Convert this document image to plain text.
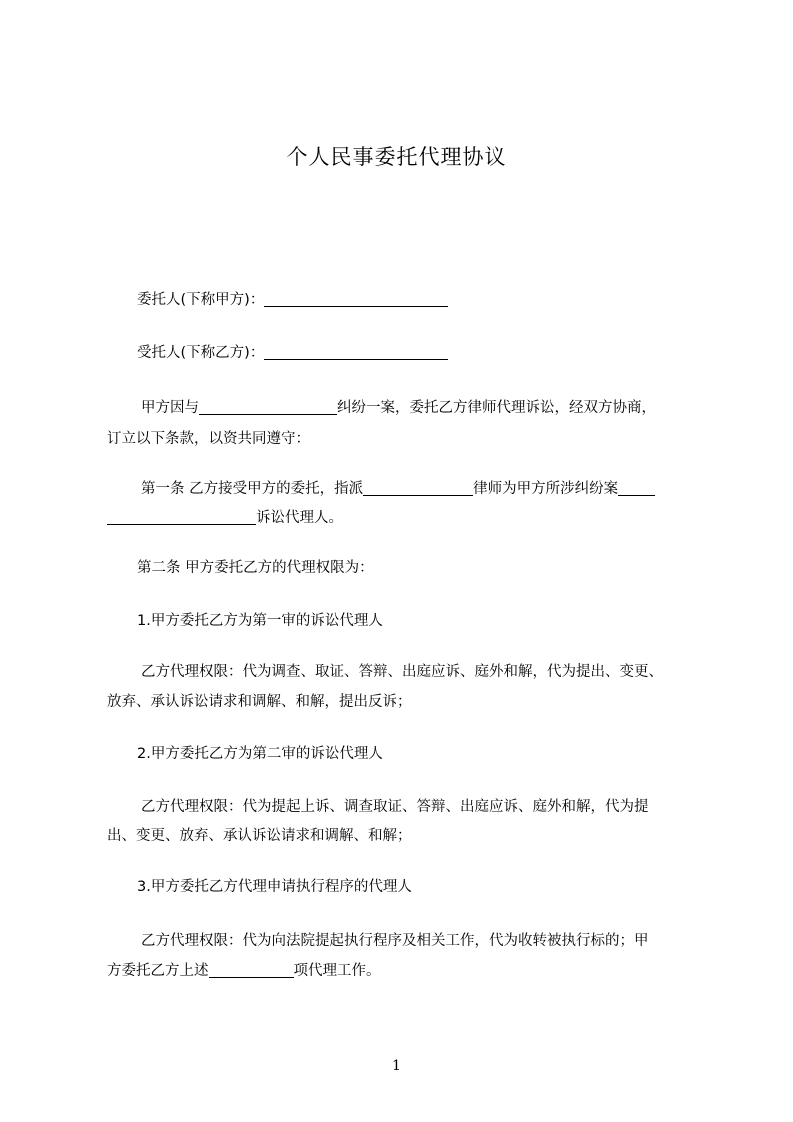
个人民事委托代理协议
委托人(下称甲方)：
受托人(下称乙方)：
甲方因与	纠纷一案，委托乙方律师代理诉讼，经双方协商，
订立以下条款，以资共同遵守：
第一条 乙方接受甲方的委托，指派	律师为甲方所涉纠纷案
诉讼代理人。
第二条 甲方委托乙方的代理权限为：
1.甲方委托乙方为第一审的诉讼代理人
乙方代理权限：代为调查、取证、答辩、出庭应诉、庭外和解，代为提出、变更、
放弃、承认诉讼请求和调解、和解，提出反诉；
2.甲方委托乙方为第二审的诉讼代理人
乙方代理权限：代为提起上诉、调查取证、答辩、出庭应诉、庭外和解，代为提
出、变更、放弃、承认诉讼请求和调解、和解；
3.甲方委托乙方代理申请执行程序的代理人
乙方代理权限：代为向法院提起执行程序及相关工作，代为收转被执行标的；甲
方委托乙方上述	项代理工作。
1
